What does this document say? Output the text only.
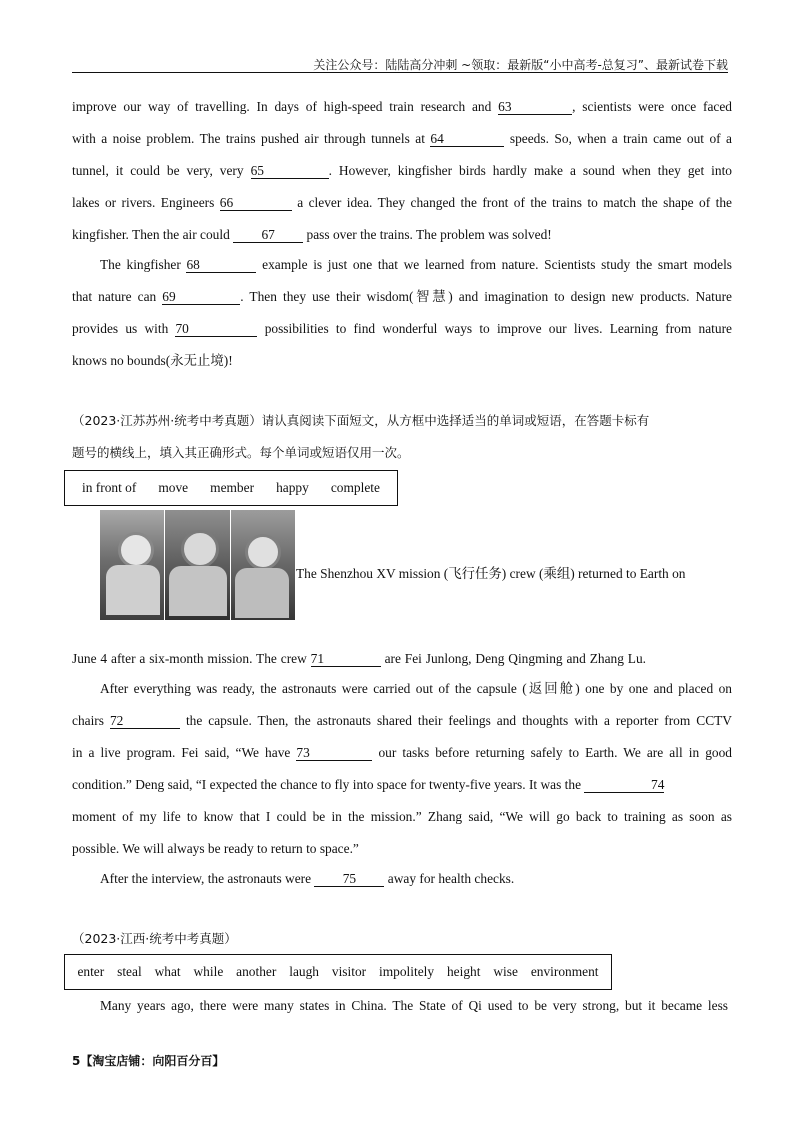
关注公众号：陆陆高分冲刺 ~领取：最新版“小中高考-总复习”、最新试卷下载
improve our way of travelling. In days of high-speed train research and 63	, scientists were once faced
with a noise problem. The trains pushed air through tunnels at 64	speeds. So, when a train came out of a
tunnel, it could be very, very 65	. However, kingfisher birds hardly make a sound when they get into
lakes or rivers. Engineers 66	a clever idea. They changed the front of the trains to match the shape of the
kingfisher. Then the air could 67 pass over the trains. The problem was solved!
The kingfisher 68	example is just one that we learned from nature. Scientists study the smart models
that nature can 69	. Then they use their wisdom(智慧) and imagination to design new products. Nature
provides us with 70	possibilities to find wonderful ways to improve our lives. Learning from nature
knows no bounds(永无止境)!
（2023·江苏苏州·统考中考真题）请认真阅读下面短文，从方框中选择适当的单词或短语，在答题卡标有
题号的横线上，填入其正确形式。每个单词或短语仅用一次。
in front of move member happy complete
The Shenzhou XV mission (飞行任务) crew (乘组) returned to Earth on
June 4 after a six-month mission. The crew 71	are Fei Junlong, Deng Qingming and Zhang Lu.
After everything was ready, the astronauts were carried out of the capsule (返回舱) one by one and placed on
chairs 72	the capsule. Then, the astronauts shared their feelings and thoughts with a reporter from CCTV
in a live program. Fei said, “We have 73	our tasks before returning safely to Earth. We are all in good
condition.” Deng said, “I expected the chance to fly into space for twenty-five years. It was the	74
moment of my life to know that I could be in the mission.” Zhang said, “We will go back to training as soon as
possible. We will always be ready to return to space.”
After the interview, the astronauts were 75 away for health checks.
（2023·江西·统考中考真题）
enter steal what while another laugh visitor impolitely height wise environment
Many years ago, there were many states in China. The State of Qi used to be very strong, but it became less
5【淘宝店铺：向阳百分百】
